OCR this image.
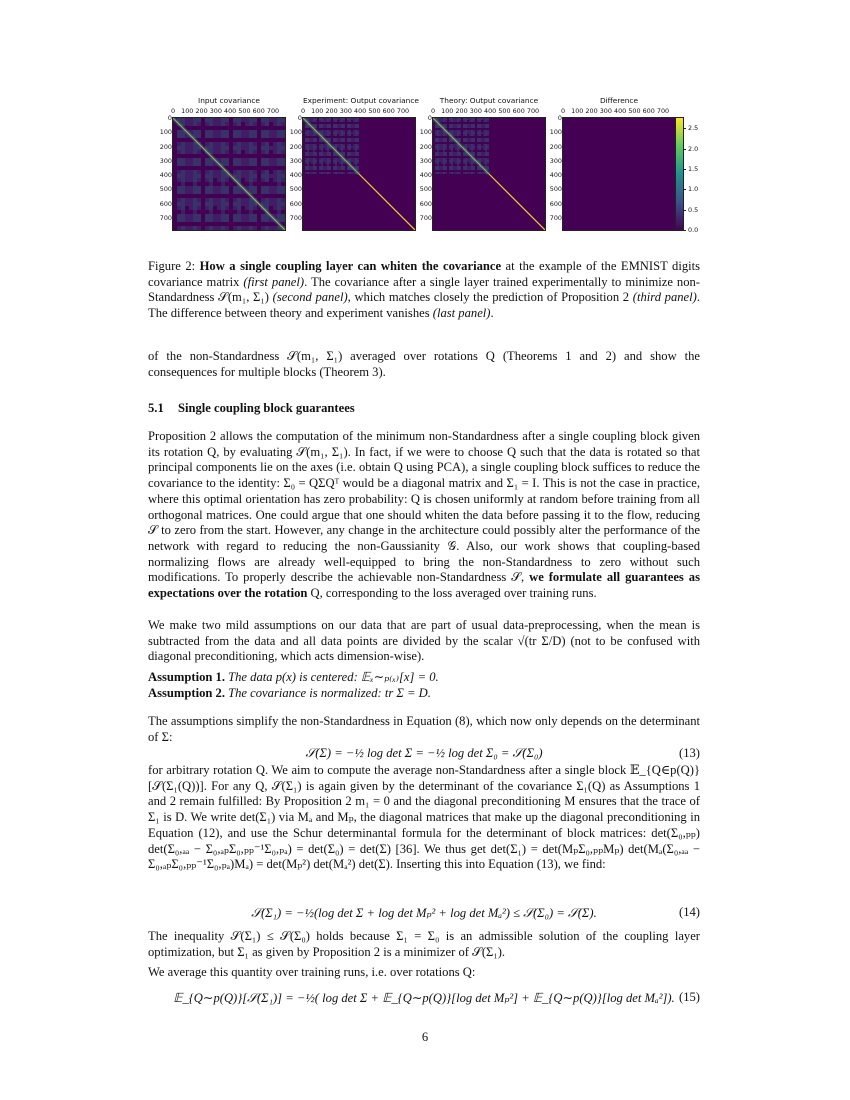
Input covariance
0 100 200 300 400 500 600 700
0
100
200
300
400
500
600
700
Experiment: Output covariance
0 100 200 300 400 500 600 700
0
100
200
300
400
500
600
700
Theory: Output covariance
0 100 200 300 400 500 600 700
0
100
200
300
400
500
600
700
Difference
0 100 200 300 400 500 600 700
0
100
200
300
400
500
600
700
0.0
0.5
1.0
1.5
2.0
2.5
Figure 2: How a single coupling layer can whiten the covariance at the example of the EMNIST digits covariance matrix (first panel). The covariance after a single layer trained experimentally to minimize non-Standardness 𝒮(m₁, Σ₁) (second panel), which matches closely the prediction of Proposition 2 (third panel). The difference between theory and experiment vanishes (last panel).
of the non-Standardness 𝒮(m₁, Σ₁) averaged over rotations Q (Theorems 1 and 2) and show the consequences for multiple blocks (Theorem 3).
5.1 Single coupling block guarantees
Proposition 2 allows the computation of the minimum non-Standardness after a single coupling block given its rotation Q, by evaluating 𝒮(m₁, Σ₁). In fact, if we were to choose Q such that the data is rotated so that principal components lie on the axes (i.e. obtain Q using PCA), a single coupling block suffices to reduce the covariance to the identity: Σ₀ = QΣQᵀ would be a diagonal matrix and Σ₁ = I. This is not the case in practice, where this optimal orientation has zero probability: Q is chosen uniformly at random before training from all orthogonal matrices. One could argue that one should whiten the data before passing it to the flow, reducing 𝒮 to zero from the start. However, any change in the architecture could possibly alter the performance of the network with regard to reducing the non-Gaussianity 𝒢. Also, our work shows that coupling-based normalizing flows are already well-equipped to bring the non-Standardness to zero without such modifications. To properly describe the achievable non-Standardness 𝒮, we formulate all guarantees as expectations over the rotation Q, corresponding to the loss averaged over training runs.
We make two mild assumptions on our data that are part of usual data-preprocessing, when the mean is subtracted from the data and all data points are divided by the scalar √(tr Σ/D) (not to be confused with diagonal preconditioning, which acts dimension-wise).
Assumption 1. The data p(x) is centered: 𝔼ₓ∼ₚ₍ₓ₎[x] = 0.
Assumption 2. The covariance is normalized: tr Σ = D.
The assumptions simplify the non-Standardness in Equation (8), which now only depends on the determinant of Σ:
𝒮(Σ) = −½ log det Σ = −½ log det Σ₀ = 𝒮(Σ₀)	(13)
for arbitrary rotation Q. We aim to compute the average non-Standardness after a single block 𝔼_{Q∈p(Q)}[𝒮(Σ₁(Q))]. For any Q, 𝒮(Σ₁) is again given by the determinant of the covariance Σ₁(Q) as Assumptions 1 and 2 remain fulfilled: By Proposition 2 m₁ = 0 and the diagonal preconditioning M ensures that the trace of Σ₁ is D. We write det(Σ₁) via Mₐ and Mₚ, the diagonal matrices that make up the diagonal preconditioning in Equation (12), and use the Schur determinantal formula for the determinant of block matrices: det(Σ₀,ₚₚ) det(Σ₀,ₐₐ − Σ₀,ₐₚΣ₀,ₚₚ⁻¹Σ₀,ₚₐ) = det(Σ₀) = det(Σ) [36]. We thus get det(Σ₁) = det(MₚΣ₀,ₚₚMₚ) det(Mₐ(Σ₀,ₐₐ − Σ₀,ₐₚΣ₀,ₚₚ⁻¹Σ₀,ₚₐ)Mₐ) = det(Mₚ²) det(Mₐ²) det(Σ). Inserting this into Equation (13), we find:
𝒮(Σ₁) = −½(log det Σ + log det Mₚ² + log det Mₐ²) ≤ 𝒮(Σ₀) = 𝒮(Σ).	(14)
The inequality 𝒮(Σ₁) ≤ 𝒮(Σ₀) holds because Σ₁ = Σ₀ is an admissible solution of the coupling layer optimization, but Σ₁ as given by Proposition 2 is a minimizer of 𝒮(Σ₁).
We average this quantity over training runs, i.e. over rotations Q:
𝔼_{Q∼p(Q)}[𝒮(Σ₁)] = −½( log det Σ + 𝔼_{Q∼p(Q)}[log det Mₚ²] + 𝔼_{Q∼p(Q)}[log det Mₐ²]). (15)
6
